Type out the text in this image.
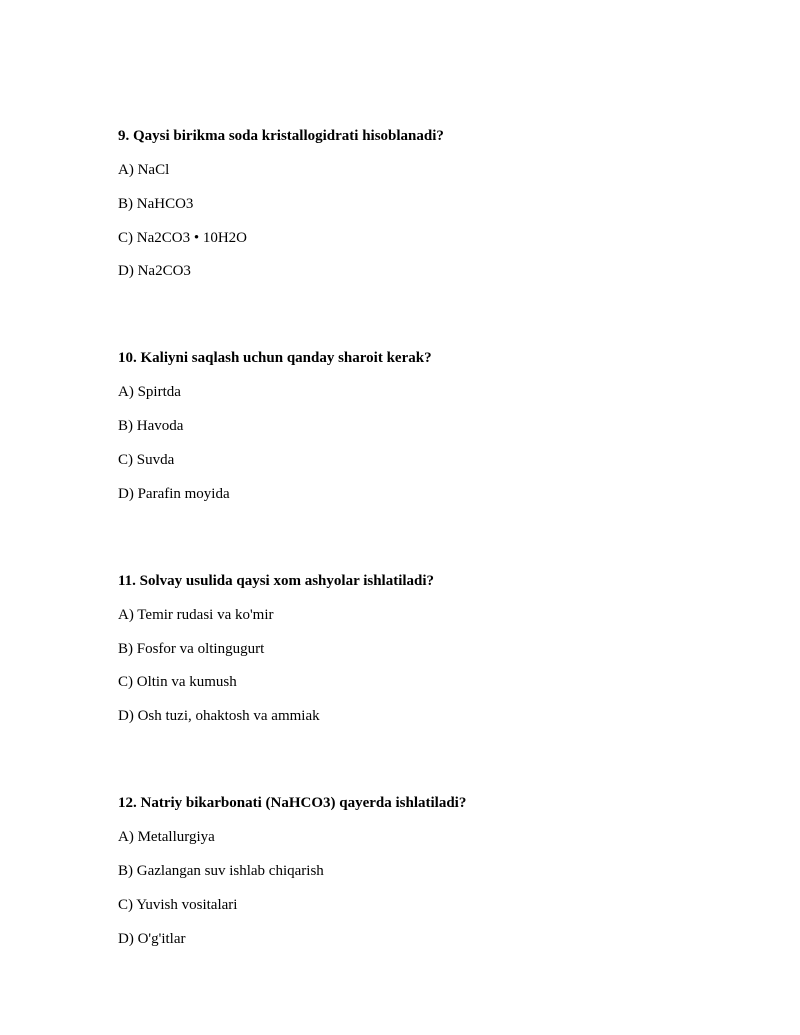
9. Qaysi birikma soda kristallogidrati hisoblanadi?

A) NaCl
B) NaHCO3
C) Na2CO3 • 10H2O
D) Na2CO3

10. Kaliyni saqlash uchun qanday sharoit kerak?

A) Spirtda
B) Havoda
C) Suvda
D) Parafin moyida

11. Solvay usulida qaysi xom ashyolar ishlatiladi?

A) Temir rudasi va ko'mir
B) Fosfor va oltingugurt
C) Oltin va kumush
D) Osh tuzi, ohaktosh va ammiak

12. Natriy bikarbonati (NaHCO3) qayerda ishlatiladi?

A) Metallurgiya
B) Gazlangan suv ishlab chiqarish
C) Yuvish vositalari
D) O'g'itlar
